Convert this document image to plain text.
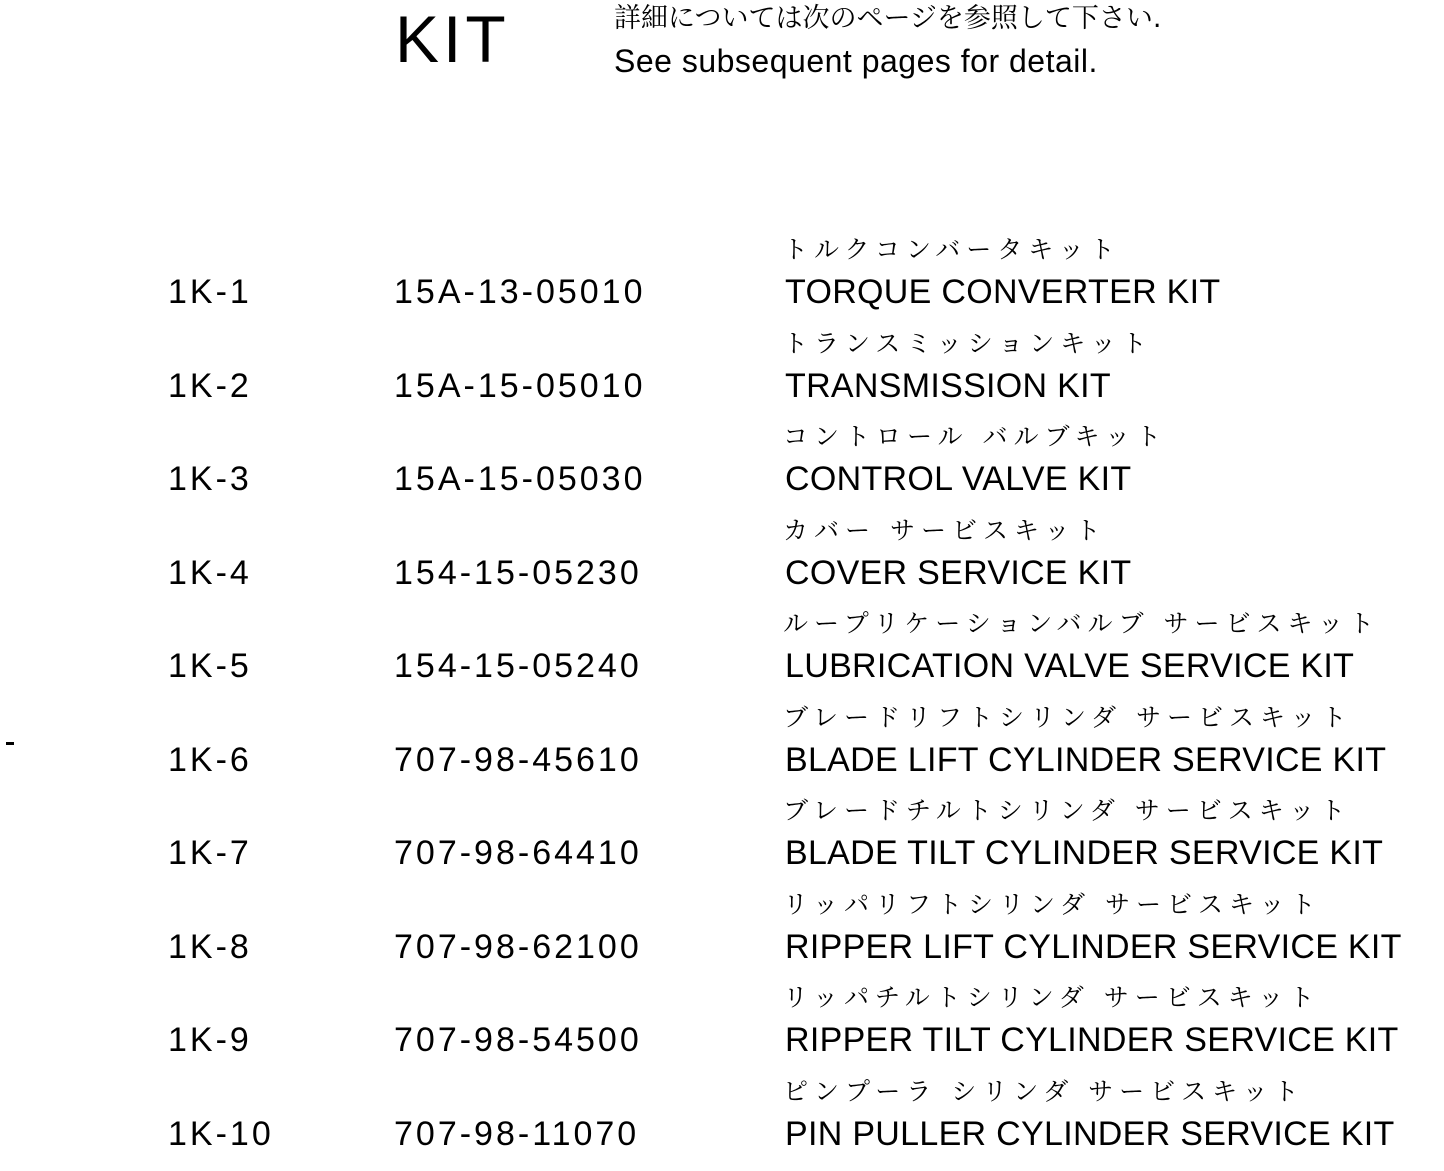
KIT	詳細については次のページを参照して下さい.
See subsequent pages for detail.
トルクコンバータキット
1K-1	15A-13-05010	TORQUE CONVERTER KIT
トランスミッションキット
1K-2	15A-15-05010	TRANSMISSION KIT
コントロール バルブキット
1K-3	15A-15-05030	CONTROL VALVE KIT
カバー サービスキット
1K-4	154-15-05230	COVER SERVICE KIT
ループリケーションバルブ サービスキット
1K-5	154-15-05240	LUBRICATION VALVE SERVICE KIT
ブレードリフトシリンダ サービスキット
1K-6	707-98-45610	BLADE LIFT CYLINDER SERVICE KIT
ブレードチルトシリンダ サービスキット
1K-7	707-98-64410	BLADE TILT CYLINDER SERVICE KIT
リッパリフトシリンダ サービスキット
1K-8	707-98-62100	RIPPER LIFT CYLINDER SERVICE KIT
リッパチルトシリンダ サービスキット
1K-9	707-98-54500	RIPPER TILT CYLINDER SERVICE KIT
ピンプーラ シリンダ サービスキット
1K-10	707-98-11070	PIN PULLER CYLINDER SERVICE KIT
